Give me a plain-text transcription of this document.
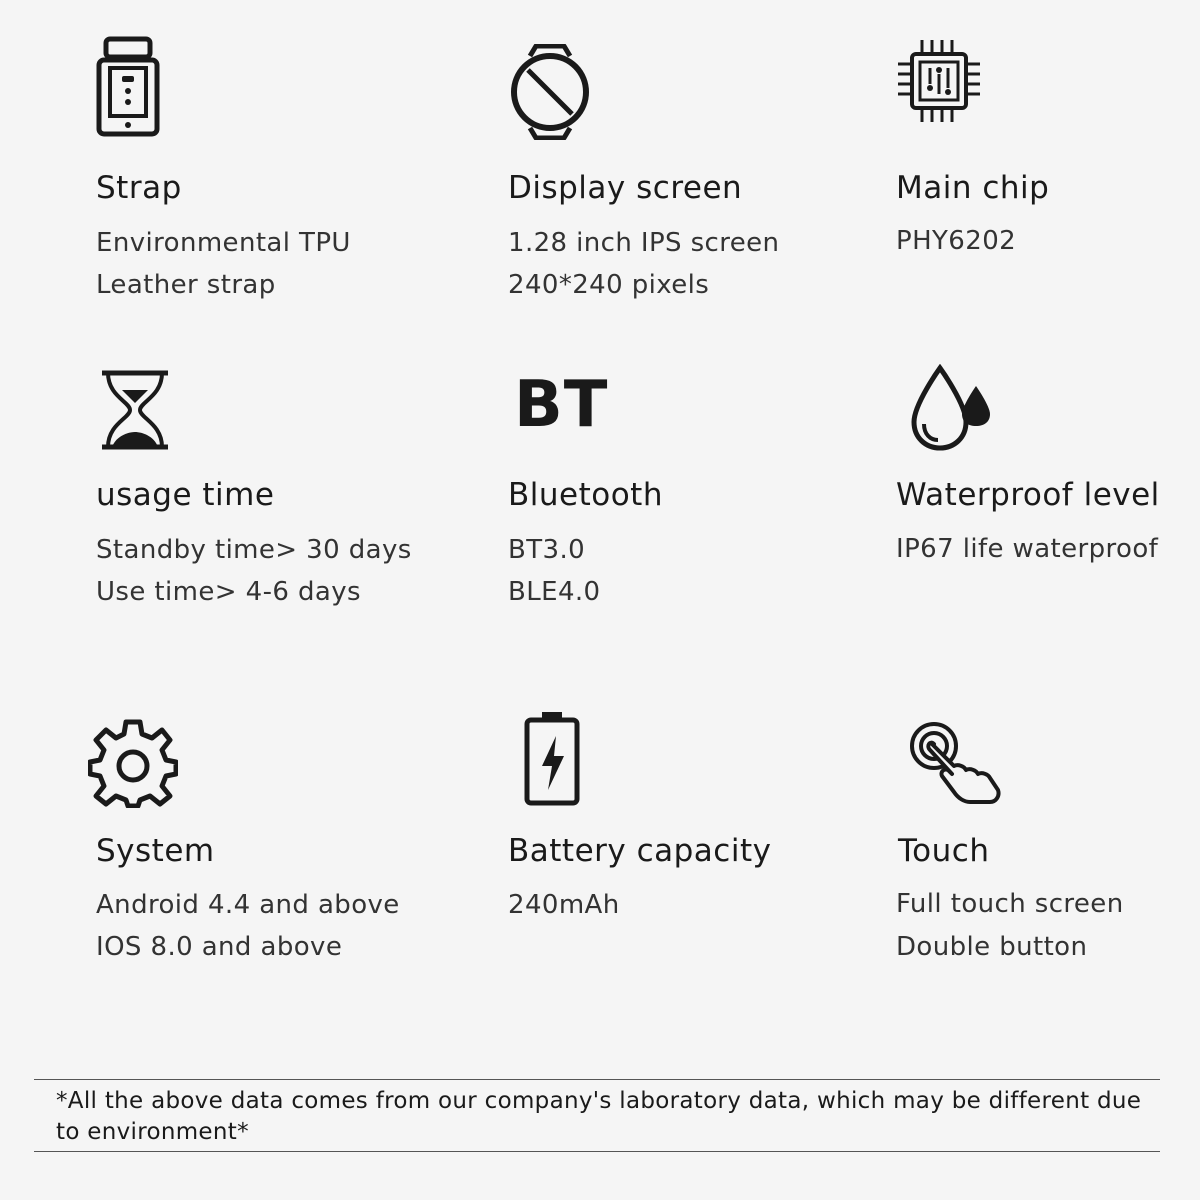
Strap
Environmental TPU
Leather strap
Display screen
1.28 inch IPS screen
240*240 pixels
Main chip
PHY6202
usage time
Standby time> 30 days
Use time> 4-6 days
BT
Bluetooth
BT3.0
BLE4.0
Waterproof level
IP67 life waterproof
System
Android 4.4 and above
IOS 8.0 and above
Battery capacity
240mAh
Touch
Full touch screen
Double button
*All the above data comes from our company's laboratory data, which may be different due to environment*
